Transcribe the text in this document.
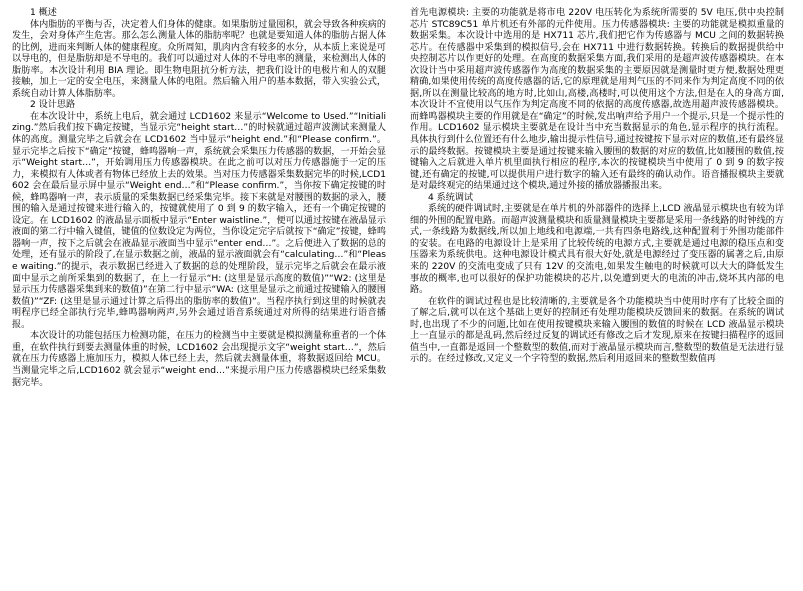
1 概述

体内脂肪的平衡与否，决定着人们身体的健康。如果脂肪过量囤积，就会导致各种疾病的发生，会对身体产生危害。那么怎么测量人体的脂肪率呢？也就是要知道人体的脂肪占据人体的比例，进而来判断人体的健康程度。众所周知，肌肉内含有较多的水分，从本质上来说是可以导电的，但是脂肪却是不导电的。我们可以通过对人体的不导电率的测量，来检测出人体的脂肪率。本次设计利用 BIA 理论。即生物电阻抗分析方法，把我们设计的电极片和人的双腿接触，加上一定的安全电压，来测量人体的电阻。然后输入用户的基本数据，带入实验公式，系统自动计算人体脂肪率。

2 设计思路

在本次设计中，系统上电后，就会通过 LCD1602 来显示“Welcome to Used.”“Initializing.”然后我们按下确定按键，当显示完“height start…”的时候就通过超声波测试来测量人体的高度。测量完毕之后就会在 LCD1602 当中显示“height end.”和“Please confirm.”。显示完毕之后按下“确定”按键，蜂鸣器响一声，系统就会采集压力传感器的数据，一开始会显示“Weight start…”，开始调用压力传感器模块。在此之前可以对压力传感器施于一定的压力，来模拟有人体或者有物体已经放上去的效果。当对压力传感器采集数据完毕的时候,LCD1602 会在最后显示屏中显示“Weight end…”和“Please confirm.”，当你按下确定按键的时候，蜂鸣器响一声，表示质量的采集数据已经采集完毕。接下来就是对腰围的数据的录入，腰围的输入是通过按键来进行输入的，按键就使用了 0 到 9 的数字输入，还有一个确定按键的设定。在 LCD1602 的液晶显示面板中显示“Enter waistline.”，便可以通过按键在液晶显示液面的第二行中输入键值，键值的位数设定为两位，当你设定完字后就按下“确定”按键，蜂鸣器响一声，按下之后就会在液晶显示液面当中显示“enter end…”。之后便进入了数据的总的处理，还有显示的阶段了,在显示数据之前，液晶的显示液面就会有“calculating…”和“Please waiting.”的提示，表示数据已经进入了数据的总的处理阶段，显示完毕之后就会在最示液面中显示之前所采集到的数据了，在上一行显示“H: (这里是显示高度的数值)”“W2: (这里是显示压力传感器采集到来的数值)”在第二行中显示“WA: (这里是显示之前通过按键输入的腰围数值)”“ZF: (这里是显示通过计算之后得出的脂肪率的数值)”。当程序执行到这里的时候就表明程序已经全部执行完毕,蜂鸣器响两声,另外会通过语音系统通过对所得的结果进行语音播报。

本次设计的功能包括压力检测功能，在压力的检测当中主要就是模拟测量称重者的一个体重，在软件执行到要去测量体重的时候，LCD1602 会出现提示文字“weight start…”，然后就在压力传感器上施加压力，模拟人体已经上去，然后就去测量体重，将数据返回给 MCU。当测量完毕之后,LCD1602 就会显示“weight end…”来提示用户压力传感器模块已经采集数据完毕。

首先电源模块: 主要的功能就是将市电 220V 电压转化为系统所需要的 5V 电压,供中央控制芯片 STC89C51 单片机还有外部的元件使用。压力传感器模块: 主要的功能就是模拟重量的数据采集。本次设计中选用的是 HX711 芯片,我们把它作为传感器与 MCU 之间的数据转换芯片。在传感器中采集到的模拟信号,会在 HX711 中进行数据转换。转换后的数据提供给中央控制芯片以作更好的处理。在高度的数据采集方面,我们采用的是超声波传感器模块。在本次设计当中采用超声波传感器作为高度的数据采集的主要原因就是测量时更方便,数据处理更精确,如果使用传统的高度传感器的话,它的原理就是用判气压的不同来作为判定高度不同的依据,所以在测量比较高的地方时,比如山,高楼,高楼时,可以使用这个方法,但是在人的身高方面,本次设计不宜使用以气压作为判定高度不同的依据的高度传感器,故选用超声波传感器模块。而蜂鸣器模块主要的作用就是在“确定”的时候,发出响声给予用户一个提示,只是一个提示性的作用。LCD1602 显示模块主要就是在设计当中充当数据显示的角色,显示程序的执行流程。具体执行到什么位置还有什么地步,输出提示性信号,通过按键按下显示对应的数值,还有最终显示的最终数据。按键模块主要是通过按键来输入腰围的数据的对应的数值,比如腰围的数值,按键输入之后就进入单片机里面执行相应的程序,本次的按键模块当中使用了 0 到 9 的数字按键,还有确定的按键,可以提供用户进行数字的输入还有最终的确认动作。语音播报模块主要就是对最终观完的结果通过这个模块,通过外接的播放器播报出来。

4 系统调试

系统的硬件调试时,主要就是在单片机的外部器件的选择上,LCD 液晶显示模块也有较为详细的外围的配置电路。而超声波测量模块和质量测量模块主要都是采用一条线路的时钟线的方式,一条线路为数据线,所以加上地线和电源端,一共有四条电路线,这种配置利于外围功能部件的安装。在电路的电源设计上是采用了比较传统的电源方式,主要就是通过电源的稳压点和变压器来为系统供电。这种电源设计模式具有很大好处,就是电源经过了变压器的属著之后,由原来的 220V 的交流电变成了只有 12V 的交流电,如果发生触电的时候就可以大大的降低发生事故的概率,也可以很好的保护功能模块的芯片,以免遭到更大的电流的冲击,烧坏其内部的电路。

在软件的调试过程也是比较清晰的,主要就是各个功能模块当中使用时序有了比较全面的了解之后,就可以在这个基础上更好的控制还有处理功能模块反馈回来的数据。在系统的调试时,也出现了不少的问题,比如在使用按键模块来输入腰围的数值的时候在 LCD 液晶显示模块上一直显示的都是乱码,然后经过反复的调试还有修改之后才发现,原来在按键扫描程序的返回值当中,一直都是返回一个整数型的数值,而对于液晶显示模块而言,整数型的数值是无法进行显示的。在经过修改,又定义一个字符型的数据,然后利用返回来的整数型数值再
